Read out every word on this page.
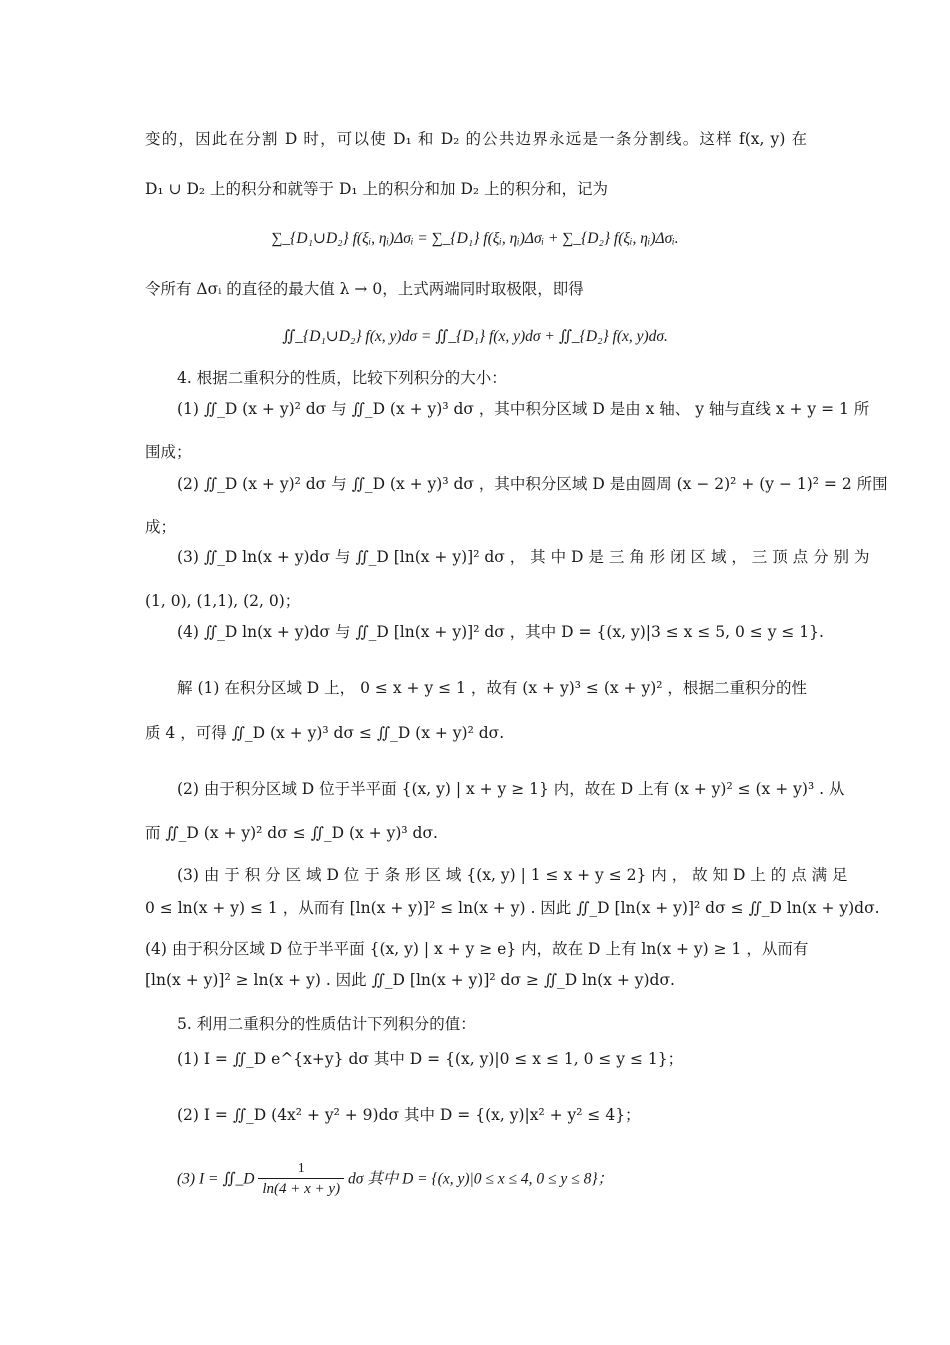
变的，因此在分割 D 时，可以使 D₁ 和 D₂ 的公共边界永远是一条分割线。这样 f(x, y) 在
D₁ ∪ D₂ 上的积分和就等于 D₁ 上的积分和加 D₂ 上的积分和，记为
∑_{D₁∪D₂} f(ξᵢ, ηᵢ)Δσᵢ = ∑_{D₁} f(ξᵢ, ηᵢ)Δσᵢ + ∑_{D₂} f(ξᵢ, ηᵢ)Δσᵢ.
令所有 Δσᵢ 的直径的最大值 λ → 0，上式两端同时取极限，即得
∬_{D₁∪D₂} f(x, y)dσ = ∬_{D₁} f(x, y)dσ + ∬_{D₂} f(x, y)dσ.
4. 根据二重积分的性质，比较下列积分的大小：
(1) ∬_D (x + y)² dσ 与 ∬_D (x + y)³ dσ ，其中积分区域 D 是由 x 轴、 y 轴与直线 x + y = 1 所
围成；
(2) ∬_D (x + y)² dσ 与 ∬_D (x + y)³ dσ ，其中积分区域 D 是由圆周 (x − 2)² + (y − 1)² = 2 所围
成；
(3) ∬_D ln(x + y)dσ 与 ∬_D [ln(x + y)]² dσ ， 其 中 D 是 三 角 形 闭 区 域 ， 三 顶 点 分 别 为
(1, 0), (1,1), (2, 0)；
(4) ∬_D ln(x + y)dσ 与 ∬_D [ln(x + y)]² dσ ，其中 D = {(x, y)|3 ≤ x ≤ 5, 0 ≤ y ≤ 1}.
解 (1) 在积分区域 D 上， 0 ≤ x + y ≤ 1 ，故有 (x + y)³ ≤ (x + y)² ，根据二重积分的性
质 4 ，可得 ∬_D (x + y)³ dσ ≤ ∬_D (x + y)² dσ.
(2) 由于积分区域 D 位于半平面 {(x, y) | x + y ≥ 1} 内，故在 D 上有 (x + y)² ≤ (x + y)³ . 从
而 ∬_D (x + y)² dσ ≤ ∬_D (x + y)³ dσ.
(3) 由 于 积 分 区 域 D 位 于 条 形 区 域 {(x, y) | 1 ≤ x + y ≤ 2} 内 ， 故 知 D 上 的 点 满 足
0 ≤ ln(x + y) ≤ 1 ，从而有 [ln(x + y)]² ≤ ln(x + y) . 因此 ∬_D [ln(x + y)]² dσ ≤ ∬_D ln(x + y)dσ.
(4) 由于积分区域 D 位于半平面 {(x, y) | x + y ≥ e} 内，故在 D 上有 ln(x + y) ≥ 1 ，从而有
[ln(x + y)]² ≥ ln(x + y) . 因此 ∬_D [ln(x + y)]² dσ ≥ ∬_D ln(x + y)dσ.
5. 利用二重积分的性质估计下列积分的值：
(1) I = ∬_D e^{x+y} dσ 其中 D = {(x, y)|0 ≤ x ≤ 1, 0 ≤ y ≤ 1}；
(2) I = ∬_D (4x² + y² + 9)dσ 其中 D = {(x, y)|x² + y² ≤ 4}；
(3) I = ∬_D $\frac{1}{\ln(4 + x + y)}$ dσ 其中 D = {(x, y)|0 ≤ x ≤ 4, 0 ≤ y ≤ 8}；
